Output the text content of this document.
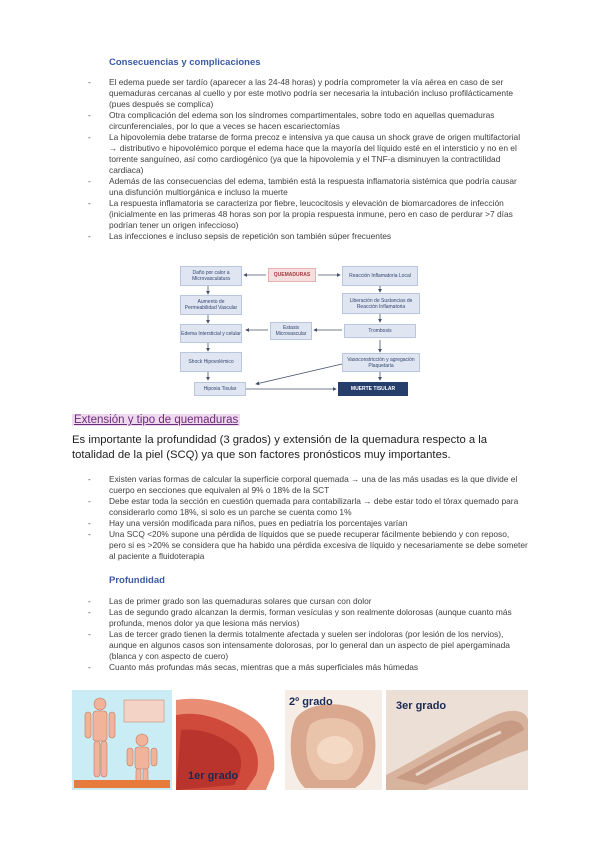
Consecuencias y complicaciones
- El edema puede ser tardío (aparecer a las 24-48 horas) y podría comprometer la vía aérea en caso de ser quemaduras cercanas al cuello y por este motivo podría ser necesaria la intubación incluso profilácticamente (pues después se complica)
- Otra complicación del edema son los síndromes compartimentales, sobre todo en aquellas quemaduras circunferenciales, por lo que a veces se hacen escariectomías
- La hipovolemia debe tratarse de forma precoz e intensiva ya que causa un shock grave de origen multifactorial → distributivo e hipovolémico porque el edema hace que la mayoría del líquido esté en el intersticio y no en el torrente sanguíneo, así como cardiogénico (ya que la hipovolemia y el TNF-a disminuyen la contractilidad cardiaca)
- Además de las consecuencias del edema, también está la respuesta inflamatoria sistémica que podría causar una disfunción multiorgánica e incluso la muerte
- La respuesta inflamatoria se caracteriza por fiebre, leucocitosis y elevación de biomarcadores de infección (inicialmente en las primeras 48 horas son por la propia respuesta inmune, pero en caso de perdurar >7 días podrían tener un origen infeccioso)
- Las infecciones e incluso sepsis de repetición son también súper frecuentes
Daño por calor a Microvasculatura
QUEMADURAS	Reacción Inflamatoria Local
Aumento de Permeabilidad Vascular
Liberación de Sustancias de Reacción Inflamatoria
Edema Intersticial y celular
Estasis Microvascular	Trombosis
Shock Hipovolémico	Vasoconstricción y agregación Plaquetaria
Hipoxia Tisular	MUERTE TISULAR
Extensión y tipo de quemaduras
Es importante la profundidad (3 grados) y extensión de la quemadura respecto a la totalidad de la piel (SCQ) ya que son factores pronósticos muy importantes.
- Existen varias formas de calcular la superficie corporal quemada → una de las más usadas es la que divide el cuerpo en secciones que equivalen al 9% o 18% de la SCT
- Debe estar toda la sección en cuestión quemada para contabilizarla → debe estar todo el tórax quemado para considerarlo como 18%, si solo es un parche se cuenta como 1%
- Hay una versión modificada para niños, pues en pediatría los porcentajes varían
- Una SCQ <20% supone una pérdida de líquidos que se puede recuperar fácilmente bebiendo y con reposo, pero si es >20% se considera que ha habido una pérdida excesiva de líquido y necesariamente se debe someter al paciente a fluidoterapia
Profundidad
- Las de primer grado son las quemaduras solares que cursan con dolor
- Las de segundo grado alcanzan la dermis, forman vesículas y son realmente dolorosas (aunque cuanto más profunda, menos dolor ya que lesiona más nervios)
- Las de tercer grado tienen la dermis totalmente afectada y suelen ser indoloras (por lesión de los nervios), aunque en algunos casos son intensamente dolorosas, por lo general dan un aspecto de piel apergaminada (blanca y con aspecto de cuero)
- Cuanto más profundas más secas, mientras que a más superficiales más húmedas
1er grado
2º grado	3er grado
